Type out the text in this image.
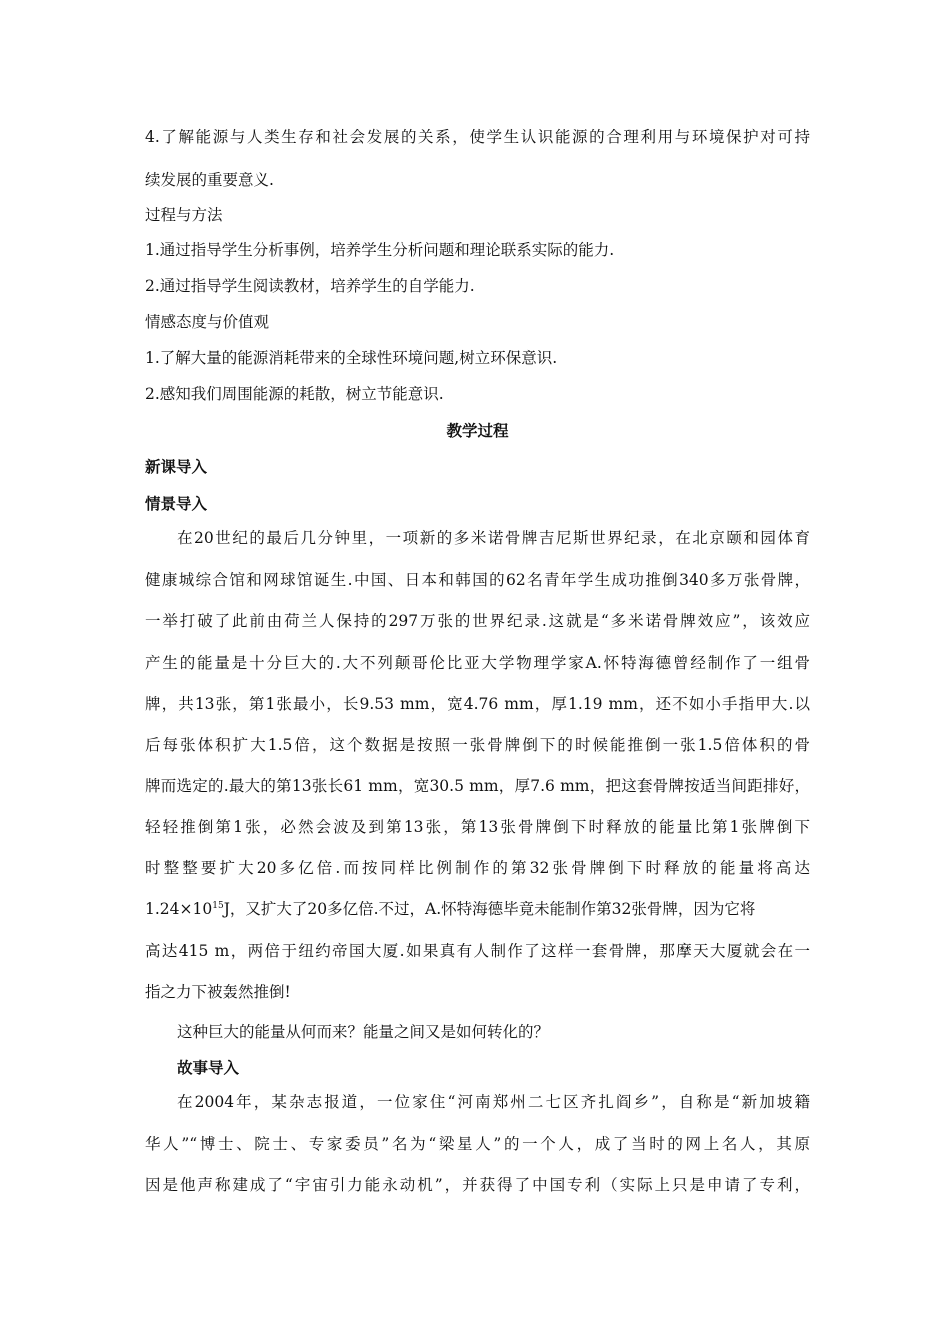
4.了解能源与人类生存和社会发展的关系，使学生认识能源的合理利用与环境保护对可持
续发展的重要意义.
过程与方法
1.通过指导学生分析事例，培养学生分析问题和理论联系实际的能力.
2.通过指导学生阅读教材，培养学生的自学能力.
情感态度与价值观
1.了解大量的能源消耗带来的全球性环境问题,树立环保意识.
2.感知我们周围能源的耗散，树立节能意识.
教学过程
新课导入
情景导入
在20世纪的最后几分钟里，一项新的多米诺骨牌吉尼斯世界纪录，在北京颐和园体育
健康城综合馆和网球馆诞生.中国、日本和韩国的62名青年学生成功推倒340多万张骨牌，
一举打破了此前由荷兰人保持的297万张的世界纪录.这就是“多米诺骨牌效应”，该效应
产生的能量是十分巨大的.大不列颠哥伦比亚大学物理学家A.怀特海德曾经制作了一组骨
牌，共13张，第1张最小，长9.53 mm，宽4.76 mm，厚1.19 mm，还不如小手指甲大.以
后每张体积扩大1.5倍，这个数据是按照一张骨牌倒下的时候能推倒一张1.5倍体积的骨
牌而选定的.最大的第13张长61 mm，宽30.5 mm，厚7.6 mm，把这套骨牌按适当间距排好，
轻轻推倒第1张，必然会波及到第13张，第13张骨牌倒下时释放的能量比第1张牌倒下
时整整要扩大20多亿倍.而按同样比例制作的第32张骨牌倒下时释放的能量将高达
$1.24\times 10^{15}J$，又扩大了20多亿倍.不过，A.怀特海德毕竟未能制作第32张骨牌，因为它将
高达415 m，两倍于纽约帝国大厦.如果真有人制作了这样一套骨牌，那摩天大厦就会在一
指之力下被轰然推倒!
这种巨大的能量从何而来？能量之间又是如何转化的？
故事导入
在2004年，某杂志报道，一位家住“河南郑州二七区齐扎阎乡”，自称是“新加坡籍
华人”“博士、院士、专家委员”名为“梁星人”的一个人，成了当时的网上名人，其原
因是他声称建成了“宇宙引力能永动机”，并获得了中国专利（实际上只是申请了专利，
